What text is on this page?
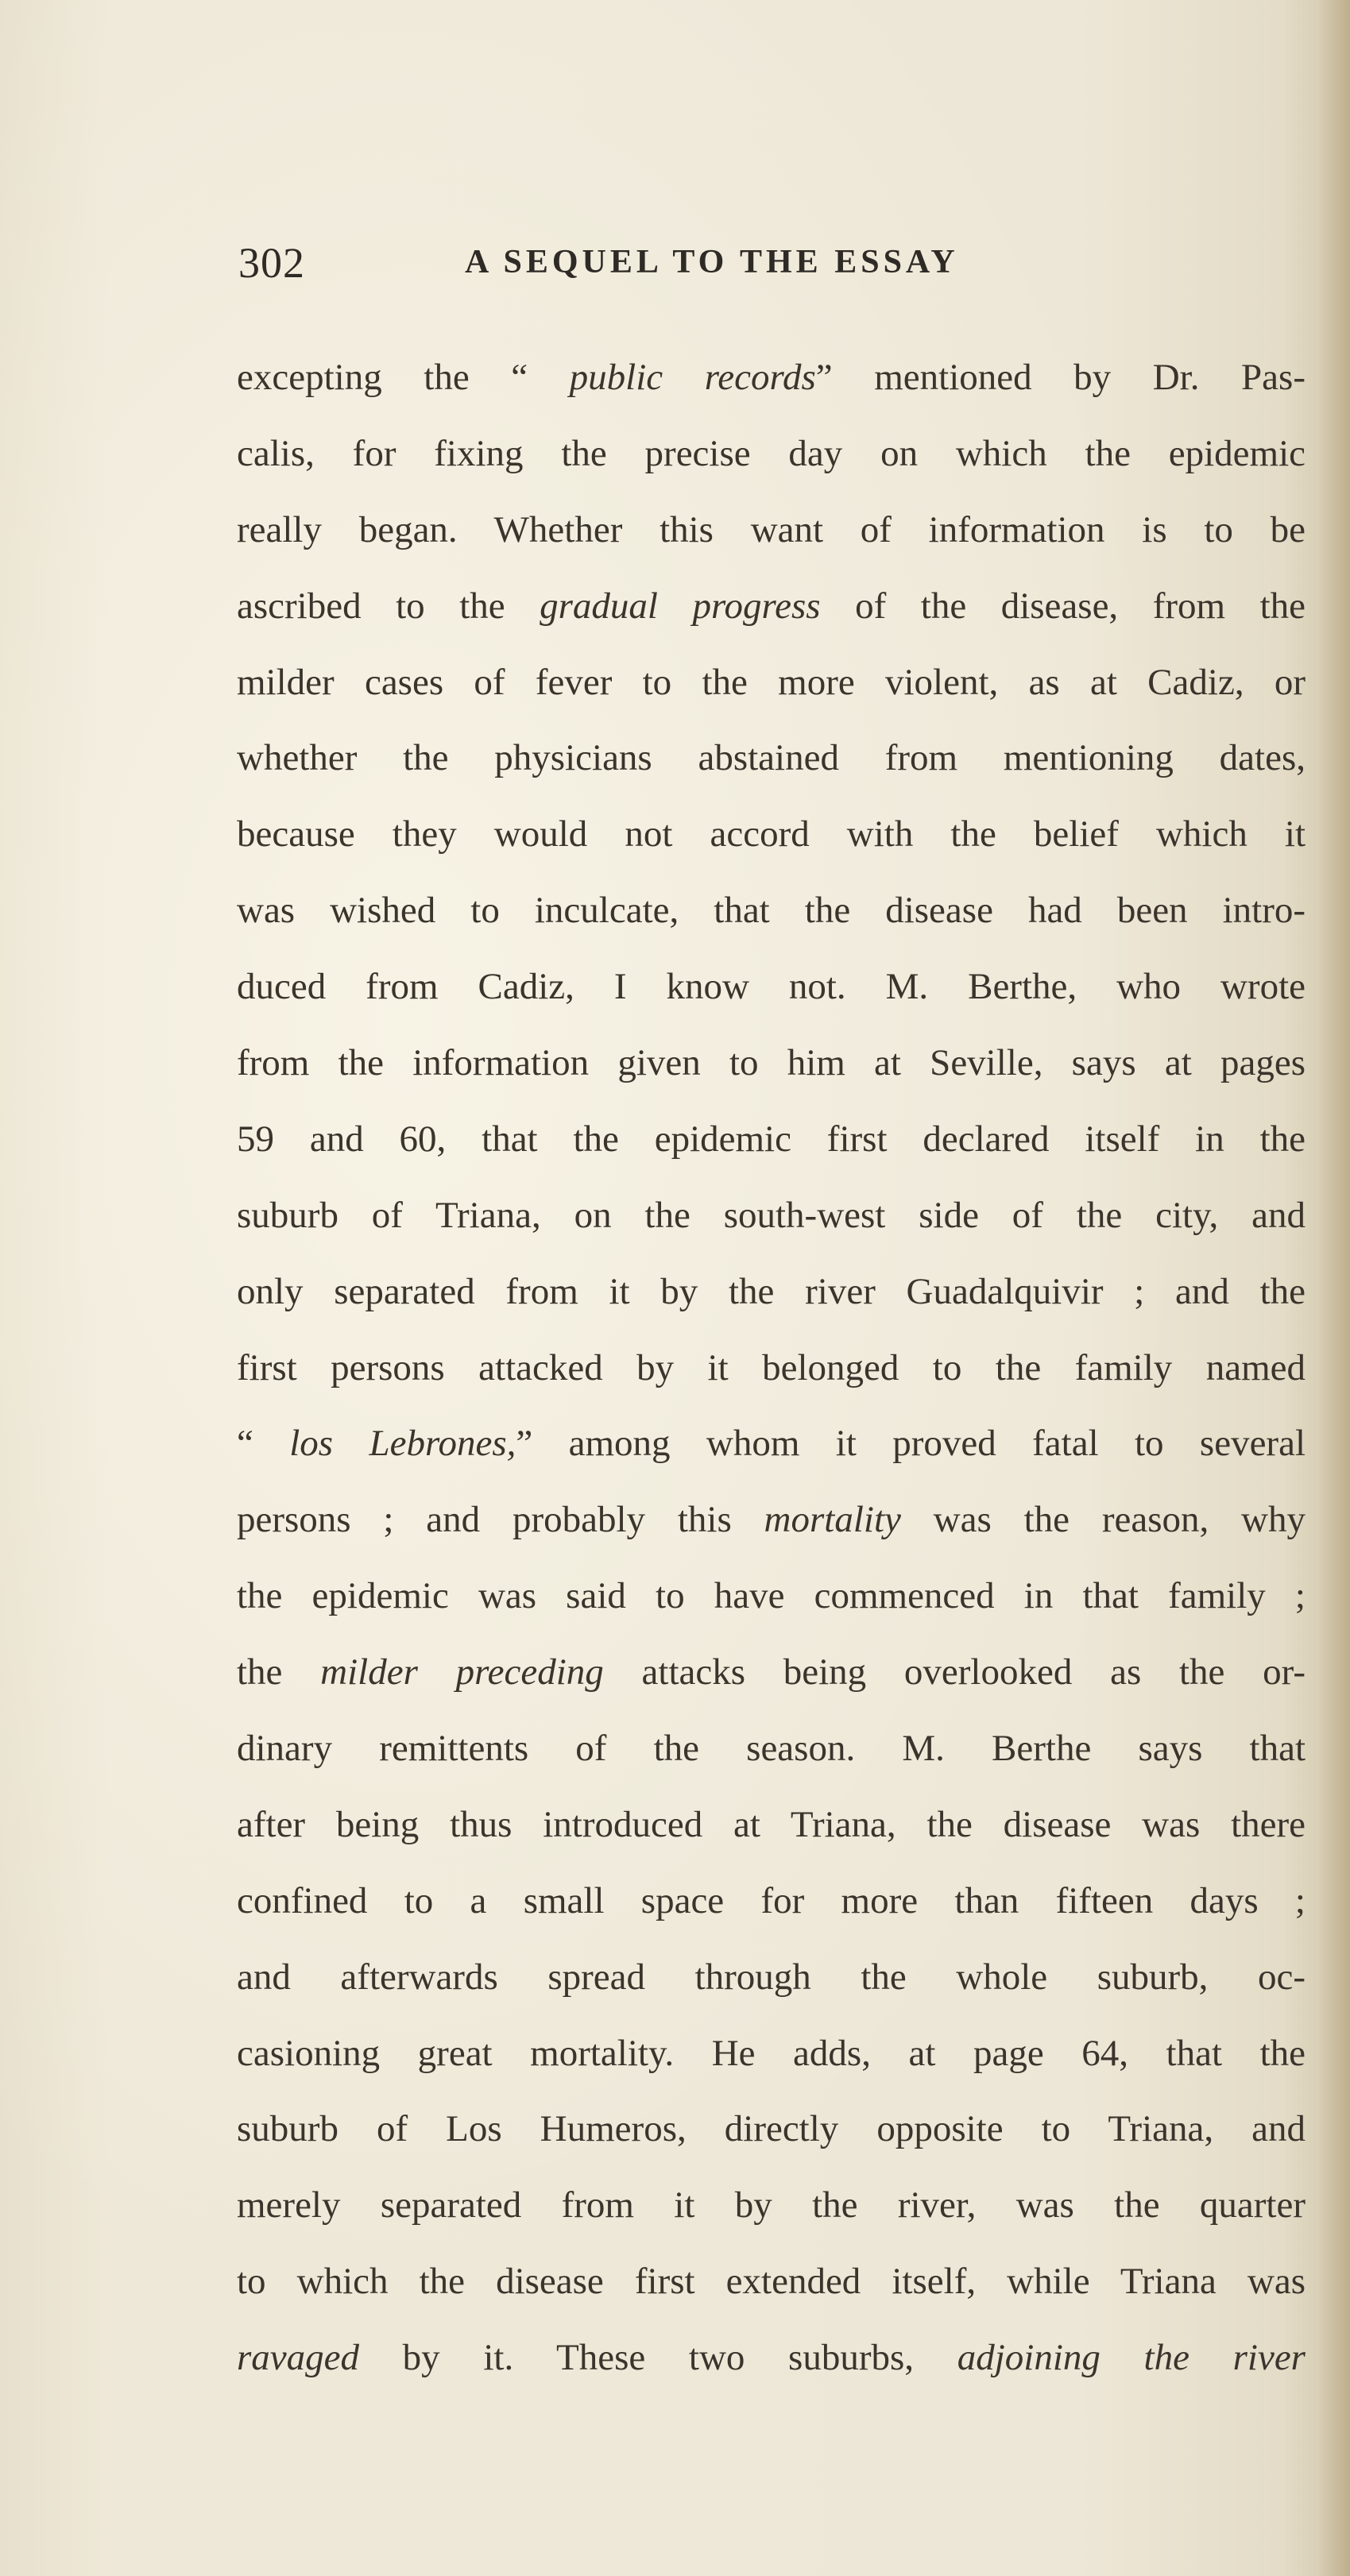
302	A SEQUEL TO THE ESSAY
excepting the “ public records” mentioned by Dr. Pas-
calis, for fixing the precise day on which the epidemic
really began. Whether this want of information is to be
ascribed to the gradual progress of the disease, from the
milder cases of fever to the more violent, as at Cadiz, or
whether the physicians abstained from mentioning dates,
because they would not accord with the belief which it
was wished to inculcate, that the disease had been intro-
duced from Cadiz, I know not. M. Berthe, who wrote
from the information given to him at Seville, says at pages
59 and 60, that the epidemic first declared itself in the
suburb of Triana, on the south-west side of the city, and
only separated from it by the river Guadalquivir ; and the
first persons attacked by it belonged to the family named
“ los Lebrones,” among whom it proved fatal to several
persons ; and probably this mortality was the reason, why
the epidemic was said to have commenced in that family ;
the milder preceding attacks being overlooked as the or-
dinary remittents of the season. M. Berthe says that
after being thus introduced at Triana, the disease was there
confined to a small space for more than fifteen days ;
and afterwards spread through the whole suburb, oc-
casioning great mortality. He adds, at page 64, that the
suburb of Los Humeros, directly opposite to Triana, and
merely separated from it by the river, was the quarter
to which the disease first extended itself, while Triana was
ravaged by it. These two suburbs, adjoining the river
